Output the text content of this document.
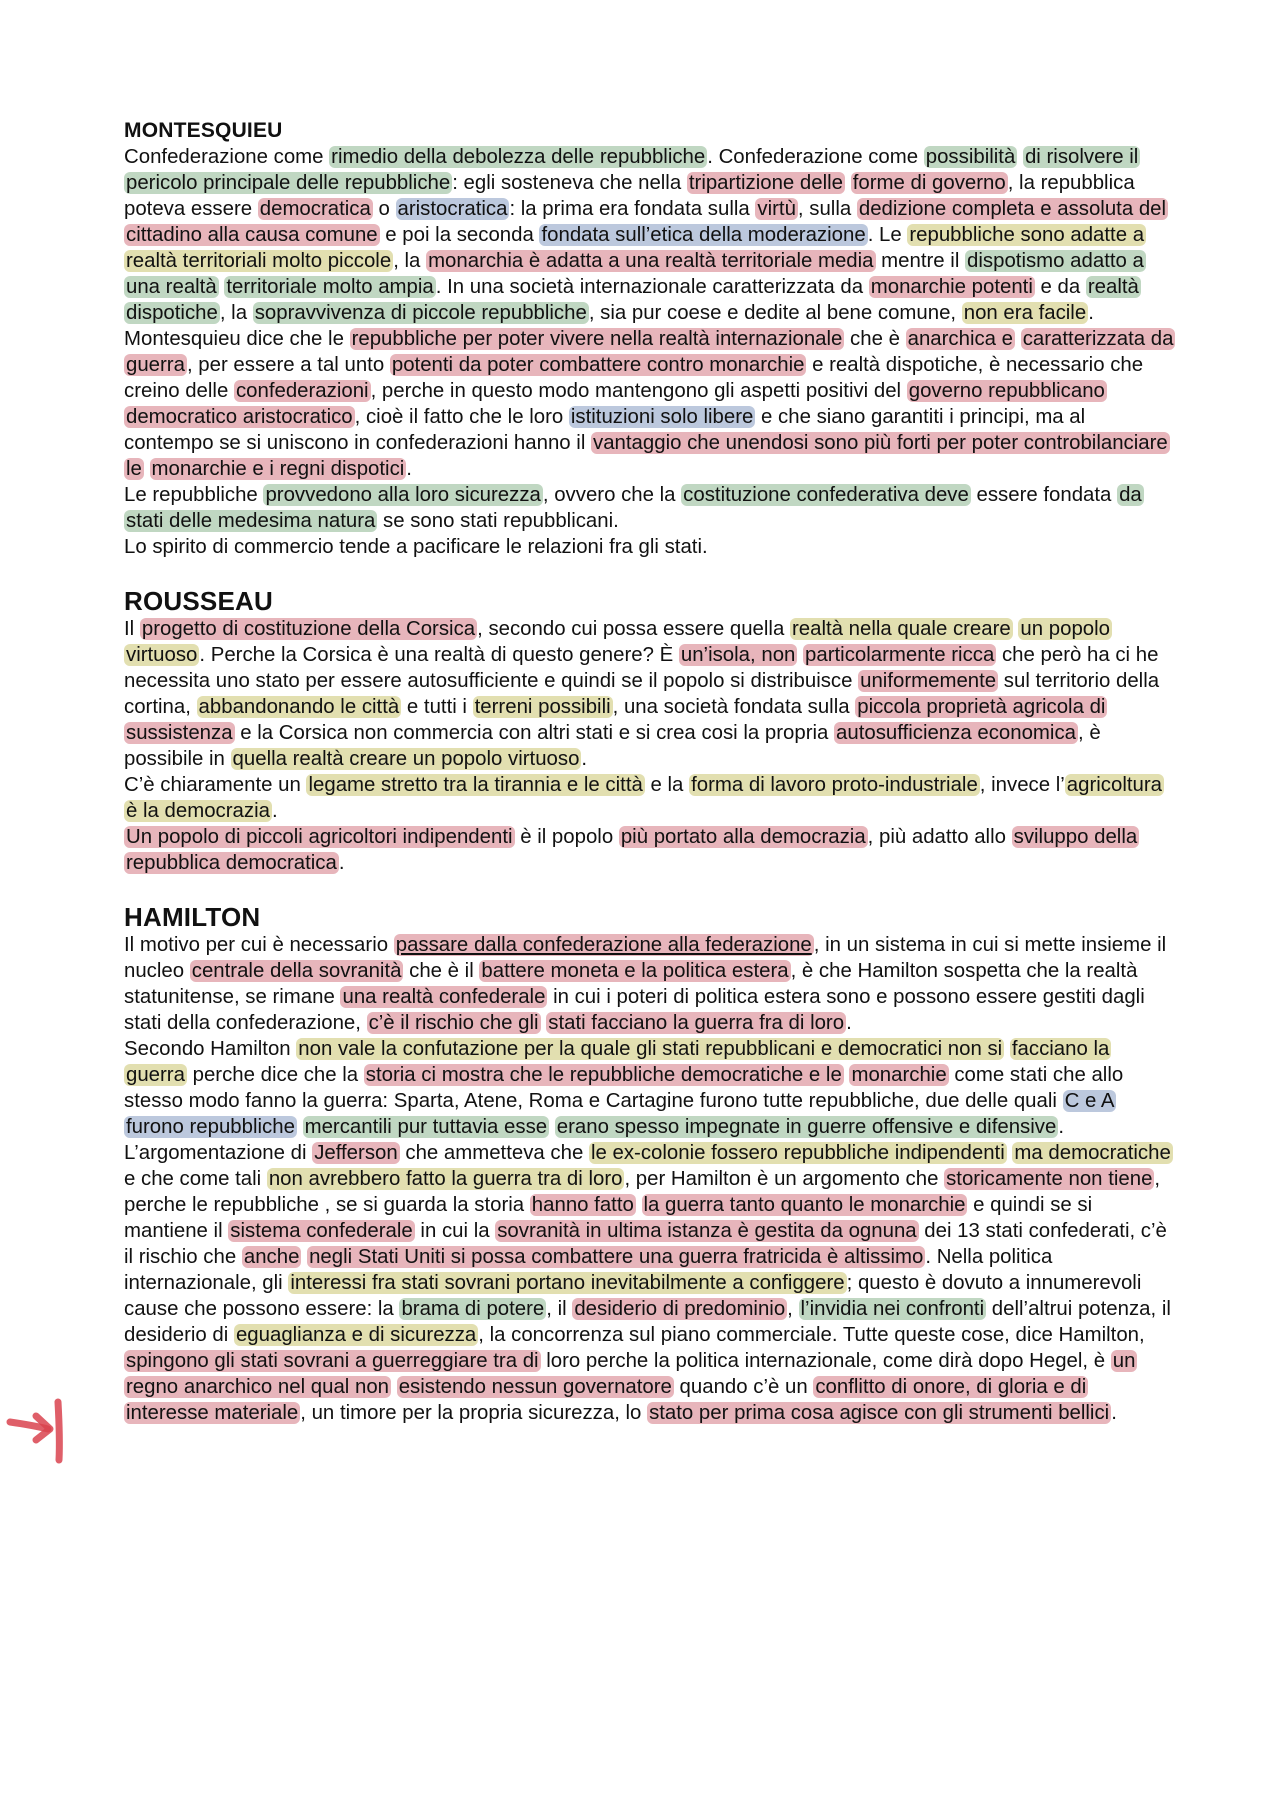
MONTESQUIEU

Confederazione come rimedio della debolezza delle repubbliche. Confederazione come possibilità di risolvere il pericolo principale delle repubbliche: egli sosteneva che nella tripartizione delle forme di governo, la repubblica poteva essere democratica o aristocratica: la prima era fondata sulla virtù, sulla dedizione completa e assoluta del cittadino alla causa comune e poi la seconda fondata sull’etica della moderazione. Le repubbliche sono adatte a realtà territoriali molto piccole, la monarchia è adatta a una realtà territoriale media mentre il dispotismo adatto a una realtà territoriale molto ampia. In una società internazionale caratterizzata da monarchie potenti e da realtà dispotiche, la sopravvivenza di piccole repubbliche, sia pur coese e dedite al bene comune, non era facile.

Montesquieu dice che le repubbliche per poter vivere nella realtà internazionale che è anarchica e caratterizzata da guerra, per essere a tal unto potenti da poter combattere contro monarchie e realtà dispotiche, è necessario che creino delle confederazioni, perche in questo modo mantengono gli aspetti positivi del governo repubblicano democratico aristocratico, cioè il fatto che le loro istituzioni solo libere e che siano garantiti i principi, ma al contempo se si uniscono in confederazioni hanno il vantaggio che unendosi sono più forti per poter controbilanciare le monarchie e i regni dispotici.

Le repubbliche provvedono alla loro sicurezza, ovvero che la costituzione confederativa deve essere fondata da stati delle medesima natura se sono stati repubblicani.

Lo spirito di commercio tende a pacificare le relazioni fra gli stati.

ROUSSEAU

Il progetto di costituzione della Corsica, secondo cui possa essere quella realtà nella quale creare un popolo virtuoso. Perche la Corsica è una realtà di questo genere? È un’isola, non particolarmente ricca che però ha ci he necessita uno stato per essere autosufficiente e quindi se il popolo si distribuisce uniformemente sul territorio della cortina, abbandonando le città e tutti i terreni possibili, una società fondata sulla piccola proprietà agricola di sussistenza e la Corsica non commercia con altri stati e si crea cosi la propria autosufficienza economica, è possibile in quella realtà creare un popolo virtuoso.

C’è chiaramente un legame stretto tra la tirannia e le città e la forma di lavoro proto-industriale, invece l’agricoltura è la democrazia.

Un popolo di piccoli agricoltori indipendenti è il popolo più portato alla democrazia, più adatto allo sviluppo della repubblica democratica.

HAMILTON

Il motivo per cui è necessario passare dalla confederazione alla federazione, in un sistema in cui si mette insieme il nucleo centrale della sovranità che è il battere moneta e la politica estera, è che Hamilton sospetta che la realtà statunitense, se rimane una realtà confederale in cui i poteri di politica estera sono e possono essere gestiti dagli stati della confederazione, c’è il rischio che gli stati facciano la guerra fra di loro.

Secondo Hamilton non vale la confutazione per la quale gli stati repubblicani e democratici non si facciano la guerra perche dice che la storia ci mostra che le repubbliche democratiche e le monarchie come stati che allo stesso modo fanno la guerra: Sparta, Atene, Roma e Cartagine furono tutte repubbliche, due delle quali C e A furono repubbliche mercantili pur tuttavia esse erano spesso impegnate in guerre offensive e difensive.

L’argomentazione di Jefferson che ammetteva che le ex-colonie fossero repubbliche indipendenti ma democratiche e che come tali non avrebbero fatto la guerra tra di loro, per Hamilton è un argomento che storicamente non tiene, perche le repubbliche , se si guarda la storia hanno fatto la guerra tanto quanto le monarchie e quindi se si mantiene il sistema confederale in cui la sovranità in ultima istanza è gestita da ognuna dei 13 stati confederati, c’è il rischio che anche negli Stati Uniti si possa combattere una guerra fratricida è altissimo. Nella politica internazionale, gli interessi fra stati sovrani portano inevitabilmente a configgere; questo è dovuto a innumerevoli cause che possono essere: la brama di potere, il desiderio di predominio, l’invidia nei confronti dell’altrui potenza, il desiderio di eguaglianza e di sicurezza, la concorrenza sul piano commerciale. Tutte queste cose, dice Hamilton, spingono gli stati sovrani a guerreggiare tra di loro perche la politica internazionale, come dirà dopo Hegel, è un regno anarchico nel qual non esistendo nessun governatore quando c’è un conflitto di onore, di gloria e di interesse materiale, un timore per la propria sicurezza, lo stato per prima cosa agisce con gli strumenti bellici.
